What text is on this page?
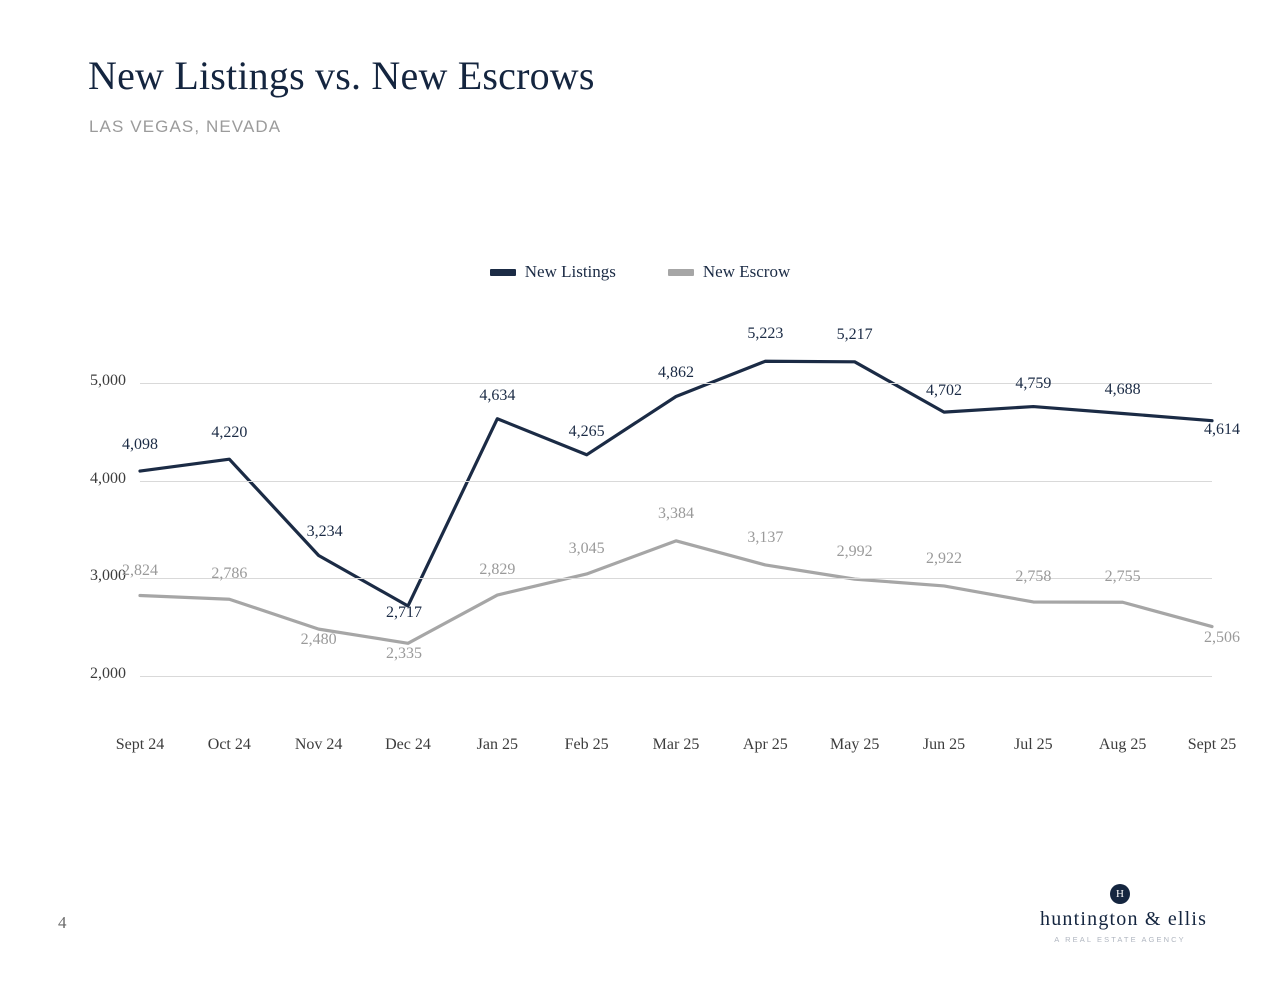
New Listings vs. New Escrows
LAS VEGAS, NEVADA
New Listings	New Escrow
2,000
3,000
4,000
5,000
Sept 24	Oct 24	Nov 24	Dec 24	Jan 25	Feb 25	Mar 25	Apr 25	May 25	Jun 25	Jul 25	Aug 25	Sept 25
4,098
4,220
3,234
2,717
4,634
4,265
4,862
5,223	5,217
4,702	4,759	4,688
4,614
2,824	2,786
2,480
2,335
2,829
3,045
3,384
3,137
2,992	2,922
2,758	2,755
2,506
4
H
huntington & ellis
A REAL ESTATE AGENCY
